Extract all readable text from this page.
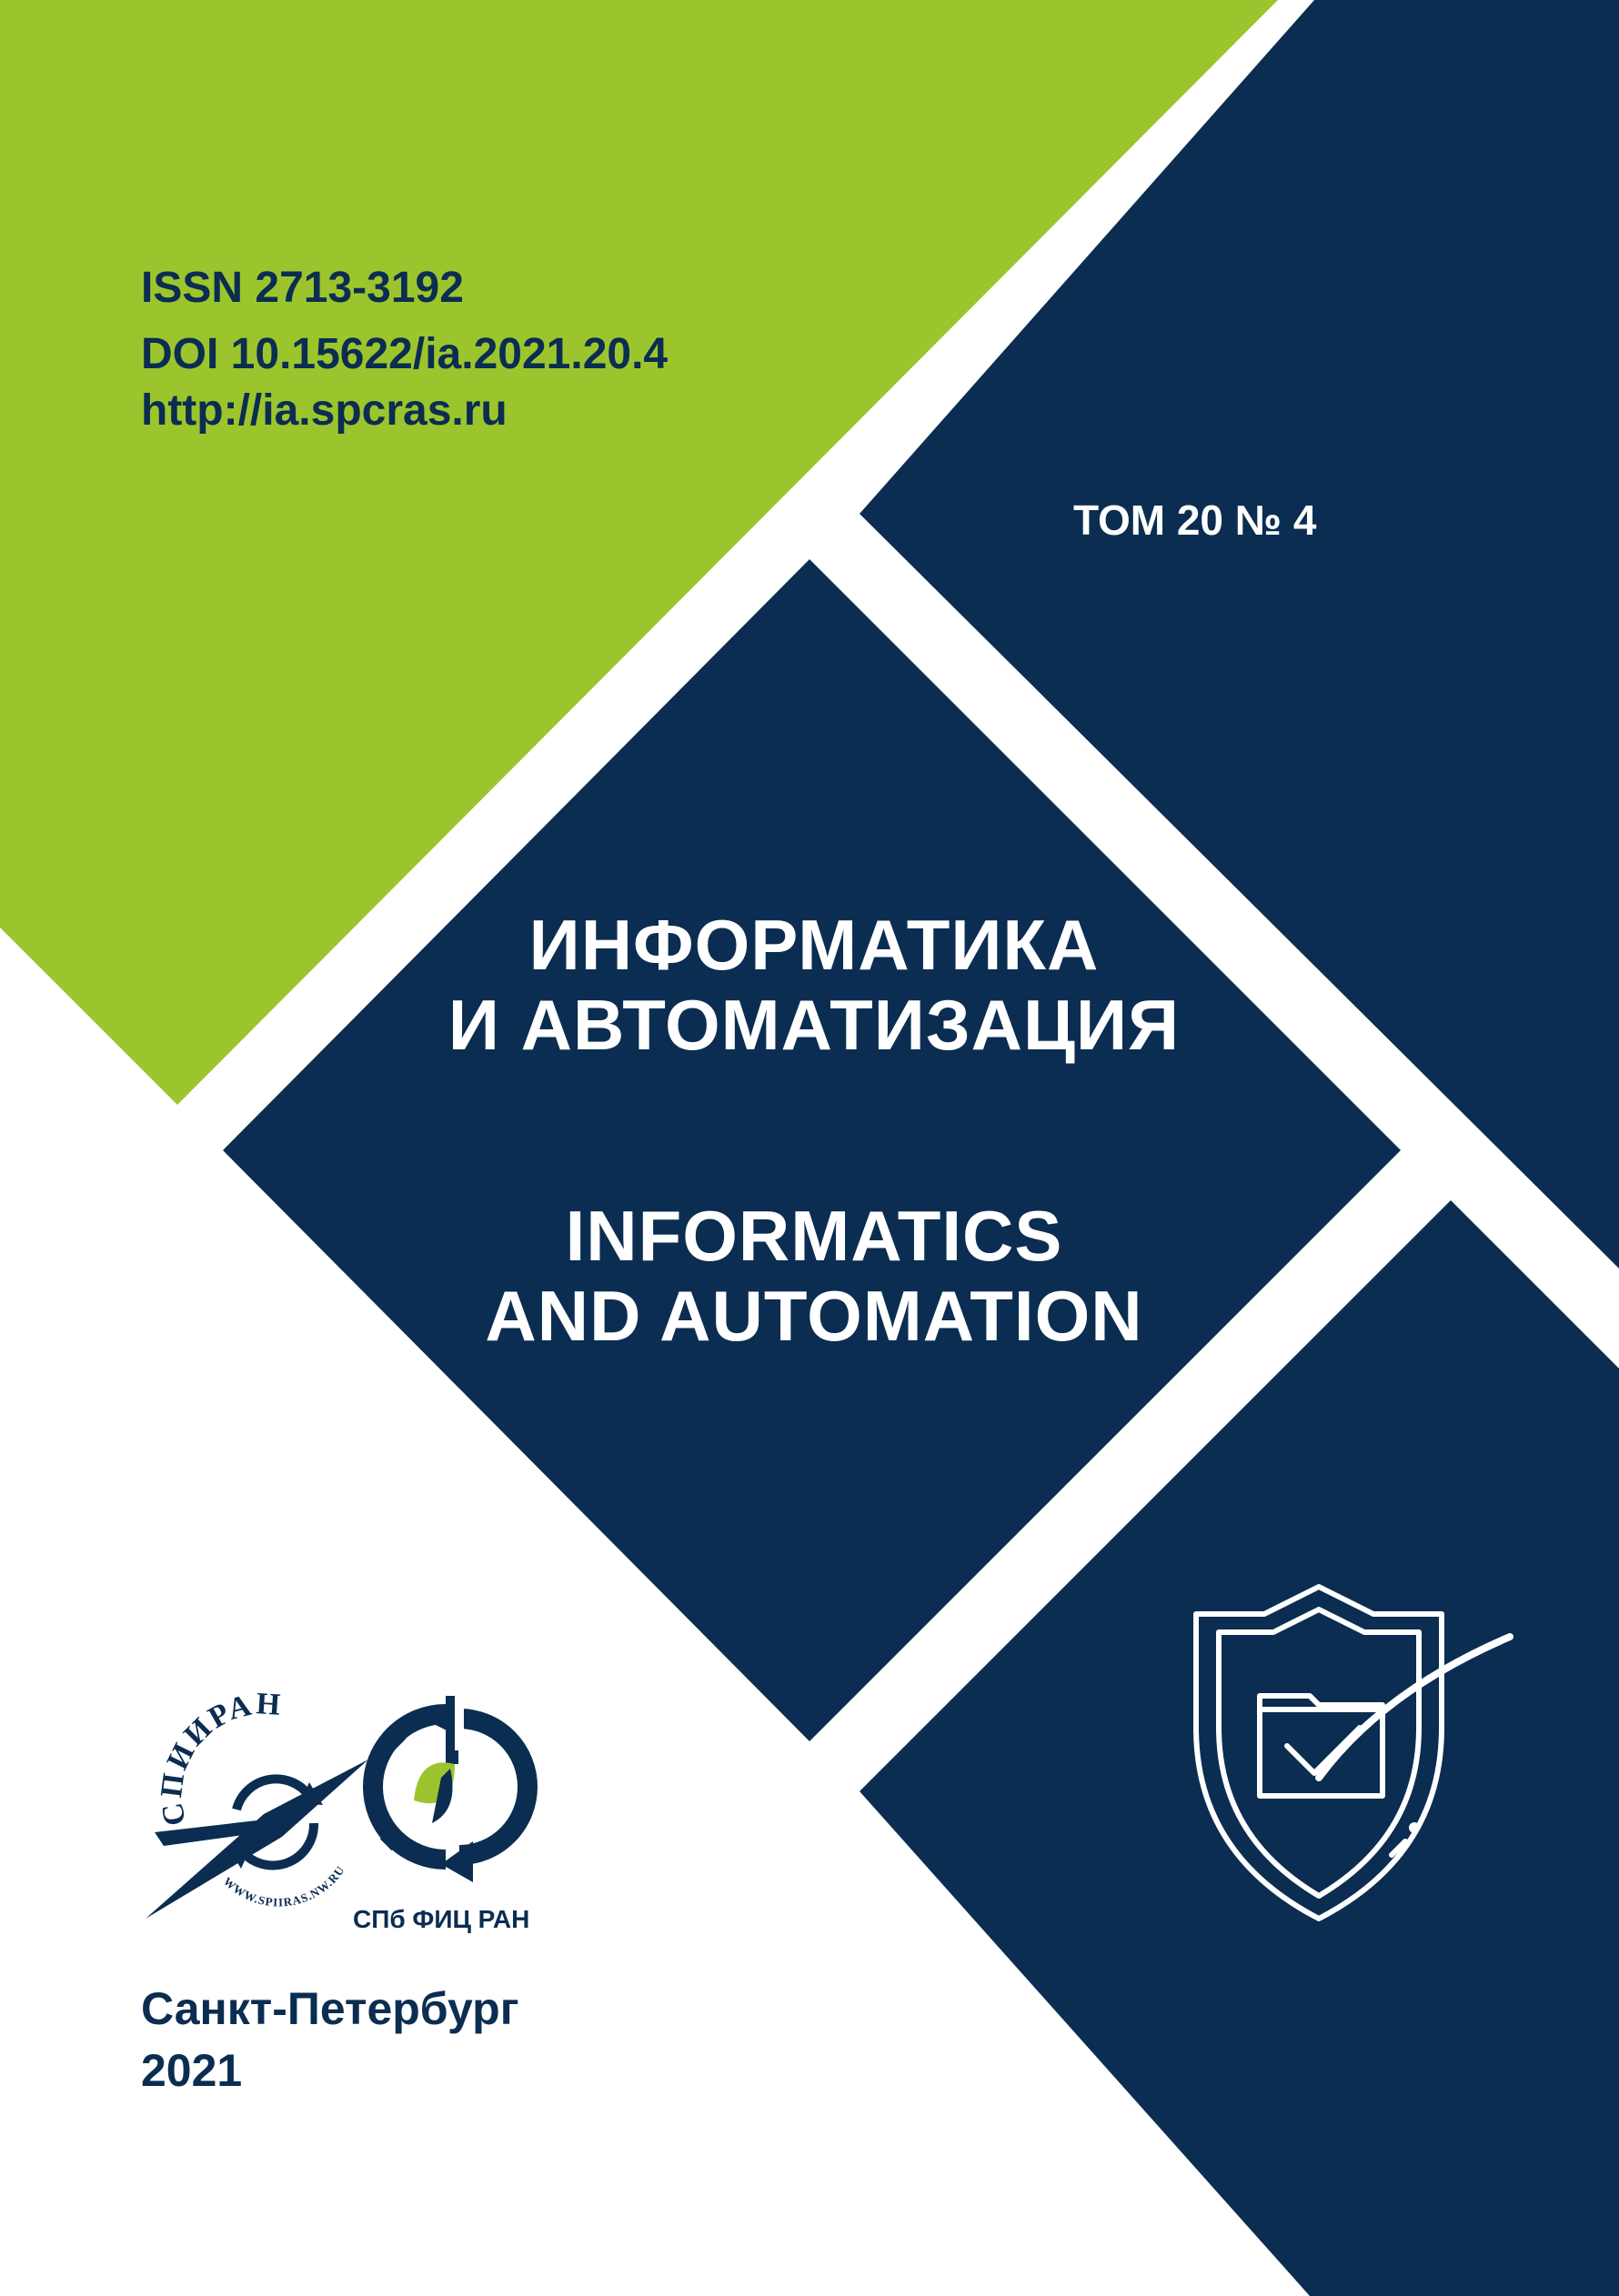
ISSN 2713-3192
DOI 10.15622/ia.2021.20.4
http://ia.spcras.ru
ТОМ 20 № 4
ИНФОРМАТИКА
И АВТОМАТИЗАЦИЯ
INFORMATICS
AND AUTOMATION
СПИИРАН
WWW.SPIIRAS.NW.RU
СПб ФИЦ РАН
Санкт-Петербург
2021
